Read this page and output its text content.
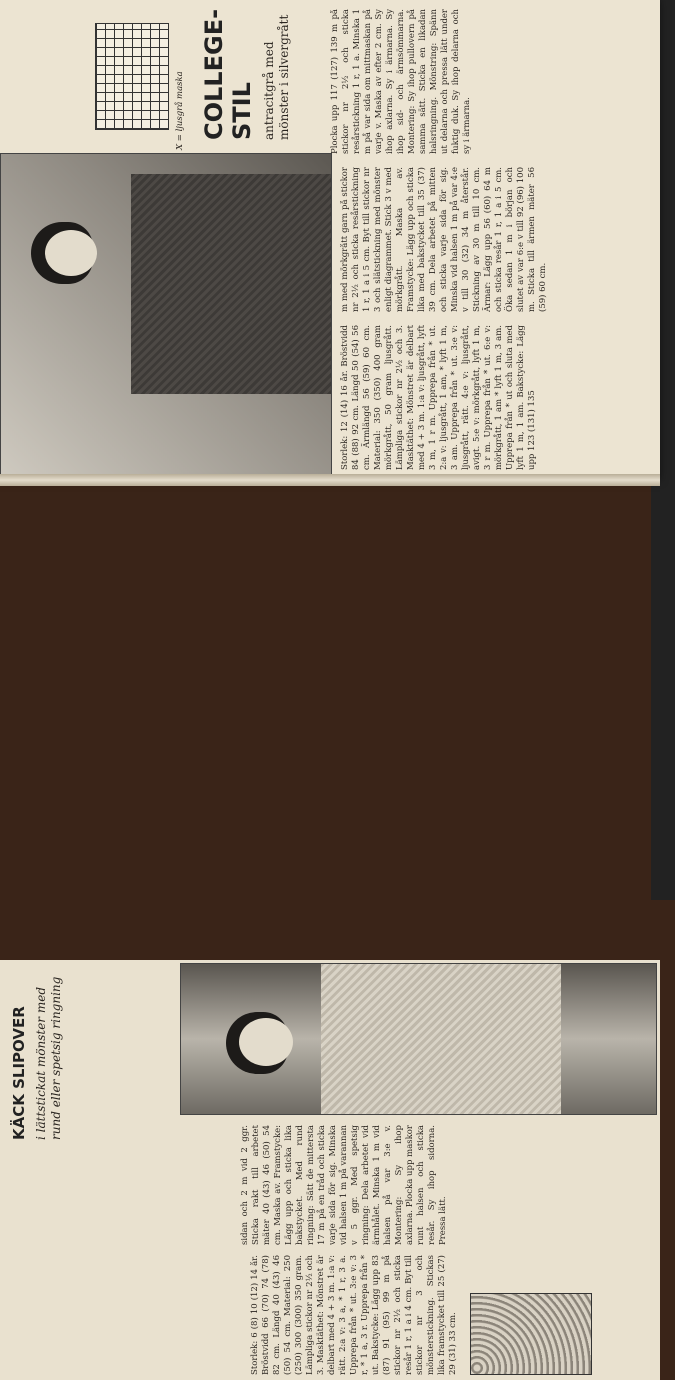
X = ljusgrå maska COLLEGE- STIL antracitgrå med mönster i silvergrått
Storlek: 12 (14) 16 år. Bröstvidd 84 (88) 92 cm. Längd 50 (54) 56 cm. Ärmlängd 56 (59) 60 cm. Material: 350 (350) 400 gram mörkgrått, 50 gram ljusgrått. Lämpliga stickor nr 2½ och 3. Masktäthet: Mönstret är delbart med 4 + 3 m. 1:a v: ljusgrått, lyft 3 m, 1 r m. Upprepa från * ut. 2:a v: ljusgrått, 1 am, * lyft 1 m, 3 am. Upprepa från * ut. 3:e v: ljusgrått, rätt. 4:e v: ljusgrått, avigt. 5:e v: mörkgrått, lyft 1 m, 3 r m. Upprepa från * ut. 6:e v: mörkgrått, 1 am * lyft 1 m, 3 am. Upprepa från * ut och sluta med lyft 1 m, 1 am. Bakstycke: Lägg upp 123 (131) 135
m med mörkgrått garn på stickor nr 2½ och sticka resårstickning 1 r, 1 a i 5 cm. Byt till stickor nr 3 och slätstickning med mönster enligt diagrammet. Stick 3 v med mörkgrått. Maska av. Framstycke: Lägg upp och sticka lika med bakstycket till 35 (37) 39 cm. Dela arbetet på mitten och sticka varje sida för sig. Minska vid halsen 1 m på var 4:e v till 30 (32) 34 m återstår. Stickning av 30 m till 10 cm. Ärmar: Lägg upp 56 (60) 64 m och sticka resår 1 r, 1 a i 5 cm. Öka sedan 1 m i början och slutet av var 6:e v till 92 (96) 100 m. Sticka till ärmen mäter 56 (59) 60 cm.
Plocka upp 117 (127) 139 m på stickor nr 2½ och sticka resårstickning 1 r, 1 a. Minska 1 m på var sida om mittmaskan på varje v. Maska av efter 2 cm. Sy ihop axlarna. Sy i ärmarna. Sy ihop sid- och ärmsömmarna. Montering: Sy ihop pullovern på samma sätt. Sticka en likadan halsringning. Mönstring: Spänn ut delarna och pressa lätt under fuktig duk. Sy ihop delarna och sy i ärmarna.
Storlek: 6 (8) 10 (12) 14 år. Bröstvidd 66 (70) 74 (78) 82 cm. Längd 40 (43) 46 (50) 54 cm. Material: 250 (250) 300 (300) 350 gram. Lämpliga stickor nr 2½ och 3. Masktäthet: Mönstret är delbart med 4 + 3 m. 1:a v: rätt. 2:a v: 3 a, * 1 r, 3 a. Upprepa från * ut. 3:e v: 3 r, * 1 a, 3 r. Upprepa från * ut. Bakstycke: Lägg upp 83 (87) 91 (95) 99 m på stickor nr 2½ och sticka resår 1 r, 1 a i 4 cm. Byt till stickor nr 3 och mönsterstickning. Stickas lika framstycket till 25 (27) 29 (31) 33 cm.
sidan och 2 m vid 2 ggr. Sticka rakt till arbetet mäter 40 (43) 46 (50) 54 cm. Maska av. Framstycke: Lägg upp och sticka lika bakstycket. Med rund ringning: Sätt de mittersta 17 m på en tråd och sticka varje sida för sig. Minska vid halsen 1 m på varannan v 5 ggr. Med spetsig ringning: Dela arbetet vid ärmhålet. Minska 1 m vid halsen på var 3:e v. Montering: Sy ihop axlarna. Plocka upp maskor runt halsen och sticka resår. Sy ihop sidorna. Pressa lätt.
KÄCK SLIPOVER i lättstickat mönster med rund eller spetsig ringning
